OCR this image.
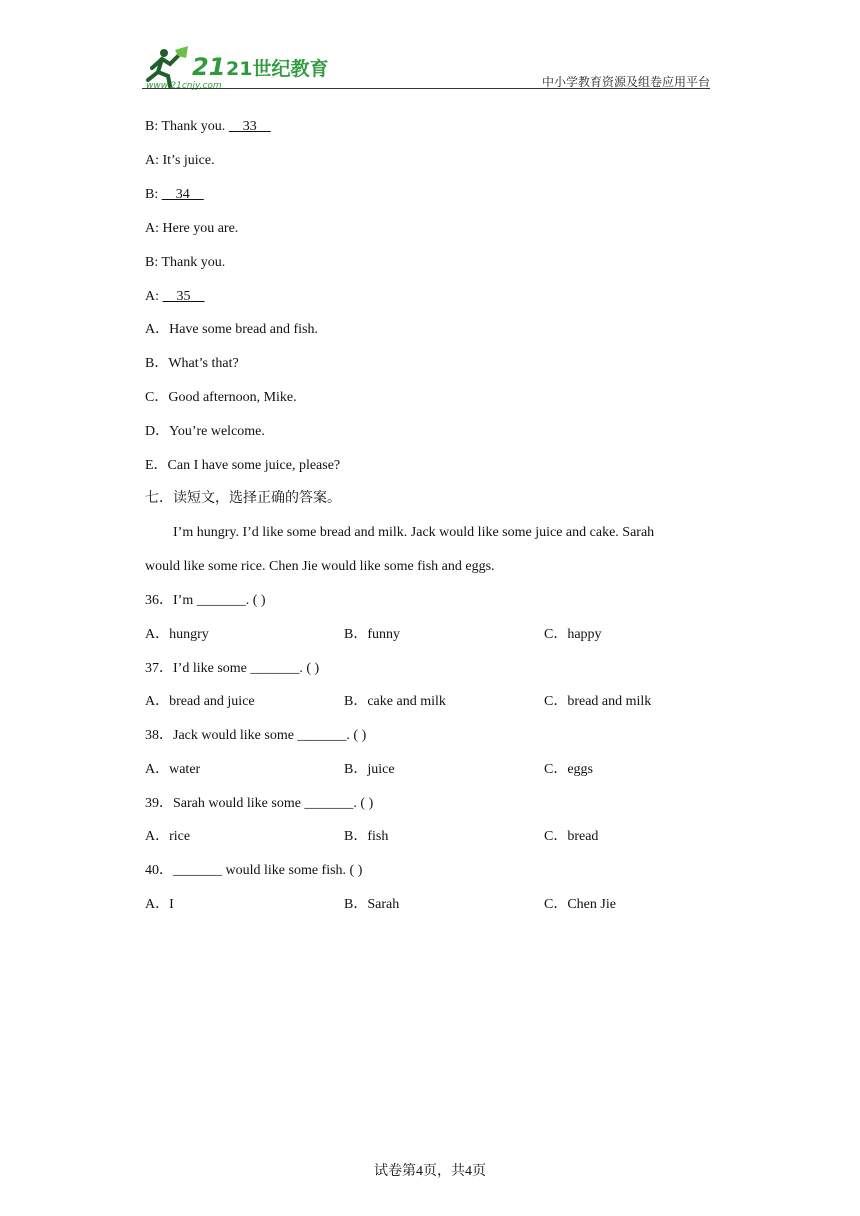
21 21世纪教育
www.21cnjy.com	中小学教育资源及组卷应用平台
B: Thank you.     33
A: It’s juice.
B:     34
A: Here you are.
B: Thank you.
A:     35
A．Have some bread and fish.
B．What’s that?
C．Good afternoon, Mike.
D．You’re welcome.
E．Can I have some juice, please?
七．读短文，选择正确的答案。
I’m hungry. I’d like some bread and milk. Jack would like some juice and cake. Sarah
would like some rice. Chen Jie would like some fish and eggs.
36．I’m _______. ( )
A．hungry	B．funny	C．happy
37．I’d like some _______. ( )
A．bread and juice	B．cake and milk	C．bread and milk
38．Jack would like some _______. ( )
A．water	B．juice	C．eggs
39．Sarah would like some _______. ( )
A．rice	B．fish	C．bread
40．_______ would like some fish. ( )
A．I	B．Sarah	C．Chen Jie
试卷第4页，共4页
